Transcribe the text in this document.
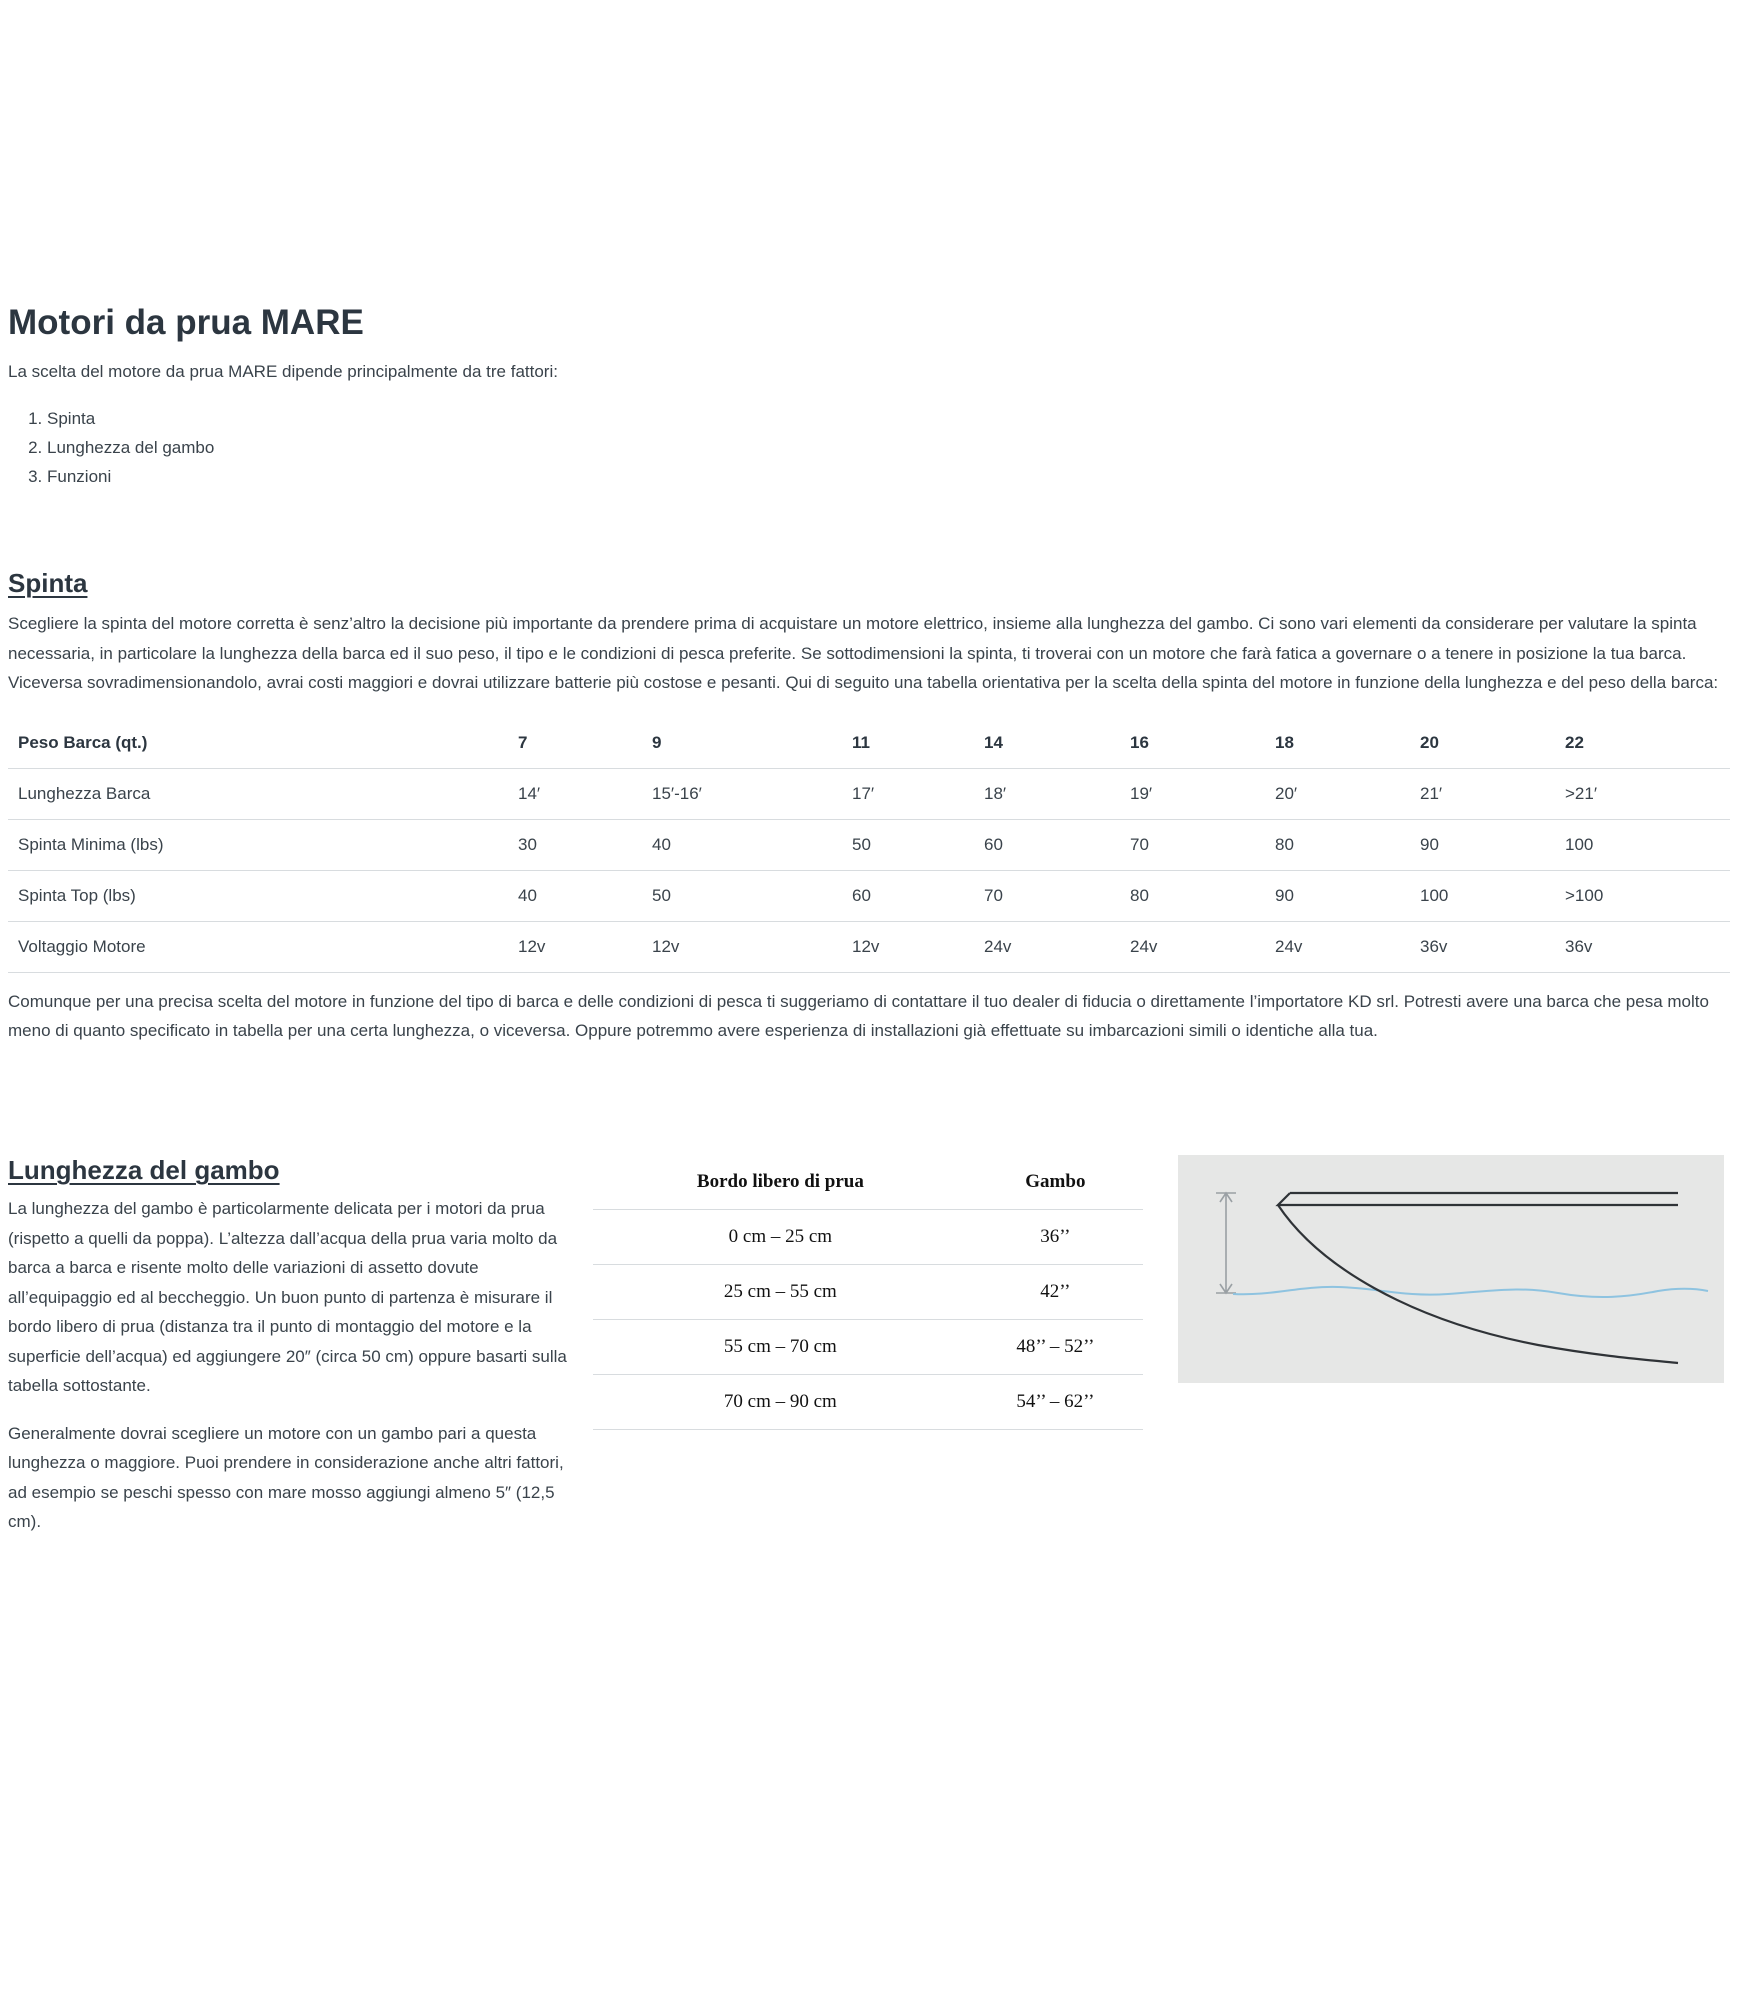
Motori da prua MARE

La scelta del motore da prua MARE dipende principalmente da tre fattori:

1. Spinta
2. Lunghezza del gambo
3. Funzioni
Spinta

Scegliere la spinta del motore corretta è senz’altro la decisione più importante da prendere prima di acquistare un motore elettrico, insieme alla lunghezza del gambo. Ci sono vari elementi da considerare per valutare la spinta necessaria, in particolare la lunghezza della barca ed il suo peso, il tipo e le condizioni di pesca preferite. Se sottodimensioni la spinta, ti troverai con un motore che farà fatica a governare o a tenere in posizione la tua barca. Viceversa sovradimensionandolo, avrai costi maggiori e dovrai utilizzare batterie più costose e pesanti. Qui di seguito una tabella orientativa per la scelta della spinta del motore in funzione della lunghezza e del peso della barca:

Peso Barca (qt.)	7	9	11	14	16	18	20	22
Lunghezza Barca	14′	15′-16′	17′	18′	19′	20′	21′	>21′
Spinta Minima (lbs)	30	40	50	60	70	80	90	100
Spinta Top (lbs)	40	50	60	70	80	90	100	>100
Voltaggio Motore	12v	12v	12v	24v	24v	24v	36v	36v

Comunque per una precisa scelta del motore in funzione del tipo di barca e delle condizioni di pesca ti suggeriamo di contattare il tuo dealer di fiducia o direttamente l’importatore KD srl. Potresti avere una barca che pesa molto meno di quanto specificato in tabella per una certa lunghezza, o viceversa. Oppure potremmo avere esperienza di installazioni già effettuate su imbarcazioni simili o identiche alla tua.

Lunghezza del gambo

La lunghezza del gambo è particolarmente delicata per i motori da prua (rispetto a quelli da poppa). L’altezza dall’acqua della prua varia molto da barca a barca e risente molto delle variazioni di assetto dovute all’equipaggio ed al beccheggio. Un buon punto di partenza è misurare il bordo libero di prua (distanza tra il punto di montaggio del motore e la superficie dell’acqua) ed aggiungere 20″ (circa 50 cm) oppure basarti sulla tabella sottostante.

Generalmente dovrai scegliere un motore con un gambo pari a questa lunghezza o maggiore. Puoi prendere in considerazione anche altri fattori, ad esempio se peschi spesso con mare mosso aggiungi almeno 5″ (12,5 cm).

Bordo libero di prua	Gambo
0 cm – 25 cm	36’’
25 cm – 55 cm	42’’
55 cm – 70 cm	48’’ – 52’’
70 cm – 90 cm	54’’ – 62’’
